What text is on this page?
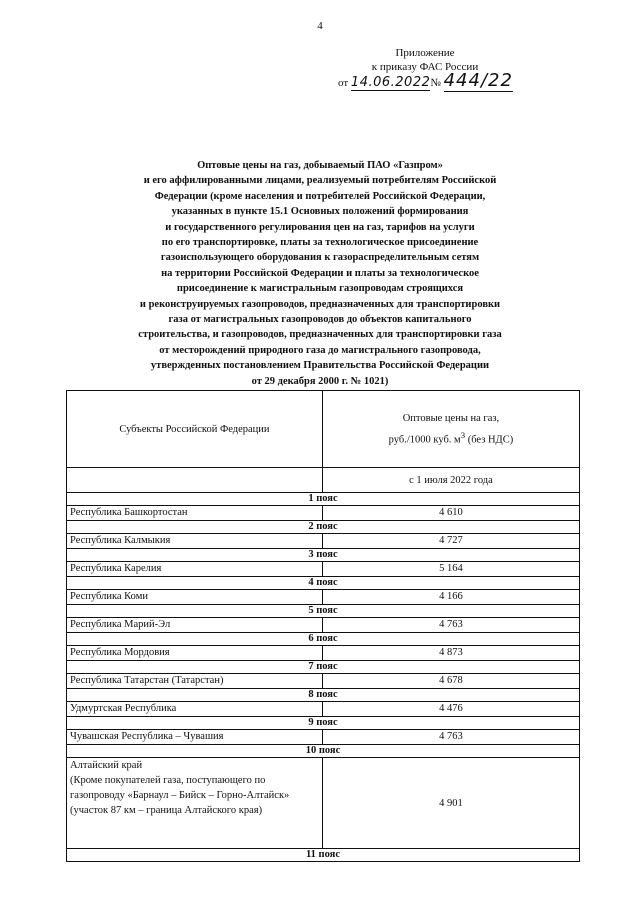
4
Приложение
к приказу ФАС России
от 14.06.2022№ 444/22
Оптовые цены на газ, добываемый ПАО «Газпром»
и его аффилированными лицами, реализуемый потребителям Российской
Федерации (кроме населения и потребителей Российской Федерации,
указанных в пункте 15.1 Основных положений формирования
и государственного регулирования цен на газ, тарифов на услуги
по его транспортировке, платы за технологическое присоединение
газоиспользующего оборудования к газораспределительным сетям
на территории Российской Федерации и платы за технологическое
присоединение к магистральным газопроводам строящихся
и реконструируемых газопроводов, предназначенных для транспортировки
газа от магистральных газопроводов до объектов капитального
строительства, и газопроводов, предназначенных для транспортировки газа
от месторождений природного газа до магистрального газопровода,
утвержденных постановлением Правительства Российской Федерации
от 29 декабря 2000 г. № 1021)
Субъекты Российской Федерации	Оптовые цены на газ,
руб./1000 куб. $м^3$ (без НДС)

	с 1 июля 2022 года
1 пояс	
Республика Башкортостан	4 610
2 пояс	
Республика Калмыкия	4 727
3 пояс	
Республика Карелия	5 164
4 пояс	
Республика Коми	4 166
5 пояс	
Республика Марий-Эл	4 763
6 пояс	
Республика Мордовия	4 873
7 пояс	
Республика Татарстан (Татарстан)	4 678
8 пояс	
Удмуртская Республика	4 476
9 пояс	
Чувашская Республика – Чувашия	4 763
10 пояс	

Алтайский край
(Кроме покупателей газа, поступающего по
газопроводу «Барнаул – Бийск – Горно-Алтайск»
(участок 87 км – граница Алтайского края)	4 901
11 пояс	
